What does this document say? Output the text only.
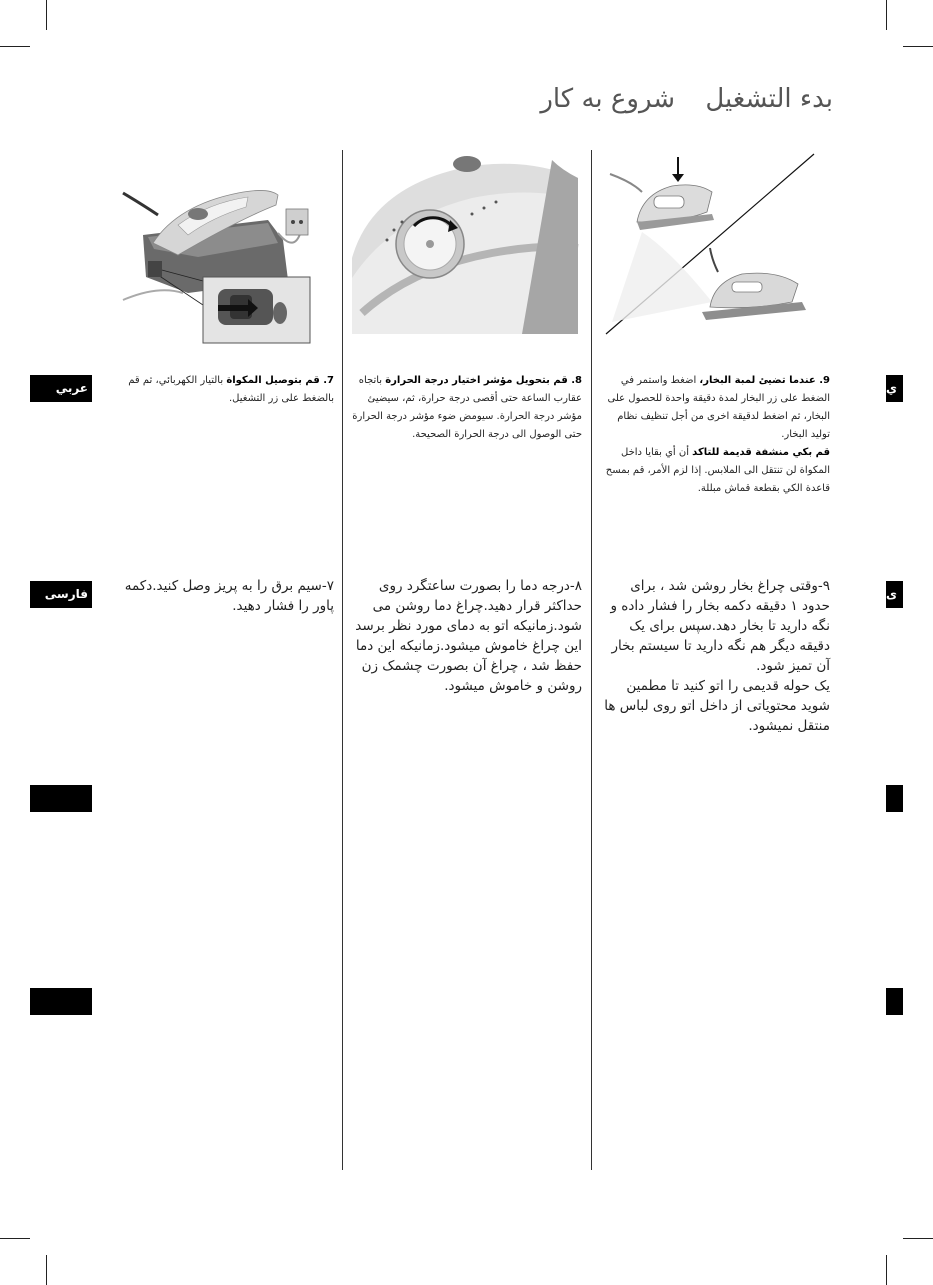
بدء التشغيل شروع به كار
عربي
فارسی
ي
ى
7. قم بتوصيل المكواة بالتيار الكهربائي، ثم قم بالضغط على زر التشغيل.
8. قم بتحويل مؤشر اختيار درجة الحرارة باتجاه عقارب الساعة حتى أقصى درجة حرارة، ثم، سيضيئ مؤشر درجة الحرارة. سيومض ضوء مؤشر درجة الحرارة حتى الوصول الى درجة الحرارة الصحيحة.
9. عندما تضيئ لمبة البخار، اضغط واستمر في الضغط على زر البخار لمدة دقيقة واحدة للحصول على البخار، ثم اضغط لدقيقة اخرى من أجل تنظيف نظام توليد البخار.
قم بكي منشفة قديمة للتاكد أن أي بقايا داخل المكواة لن تنتقل الى الملابس. إذا لزم الأمر، قم بمسح قاعدة الكي بقطعة قماش مبللة.
۷-سیم برق را به پریز وصل کنید.دکمه پاور را فشار دهید.
۸-درجه دما را بصورت ساعتگرد روی حداکثر قرار دهید.چراغ دما روشن می شود.زمانیکه اتو به دمای مورد نظر برسد این چراغ خاموش میشود.زمانیکه این دما حفظ شد ، چراغ آن بصورت چشمک زن روشن و خاموش میشود.
٩-وقتی چراغ بخار روشن شد ، برای حدود ۱ دقیقه دکمه بخار را فشار داده و نگه دارید تا بخار دهد.سپس برای یک دقیقه دیگر هم نگه دارید تا سیستم بخار آن تمیز شود.
یک حوله قدیمی را اتو کنید تا مطمین شوید محتویاتی از داخل اتو روی لباس ها منتقل نمیشود.
